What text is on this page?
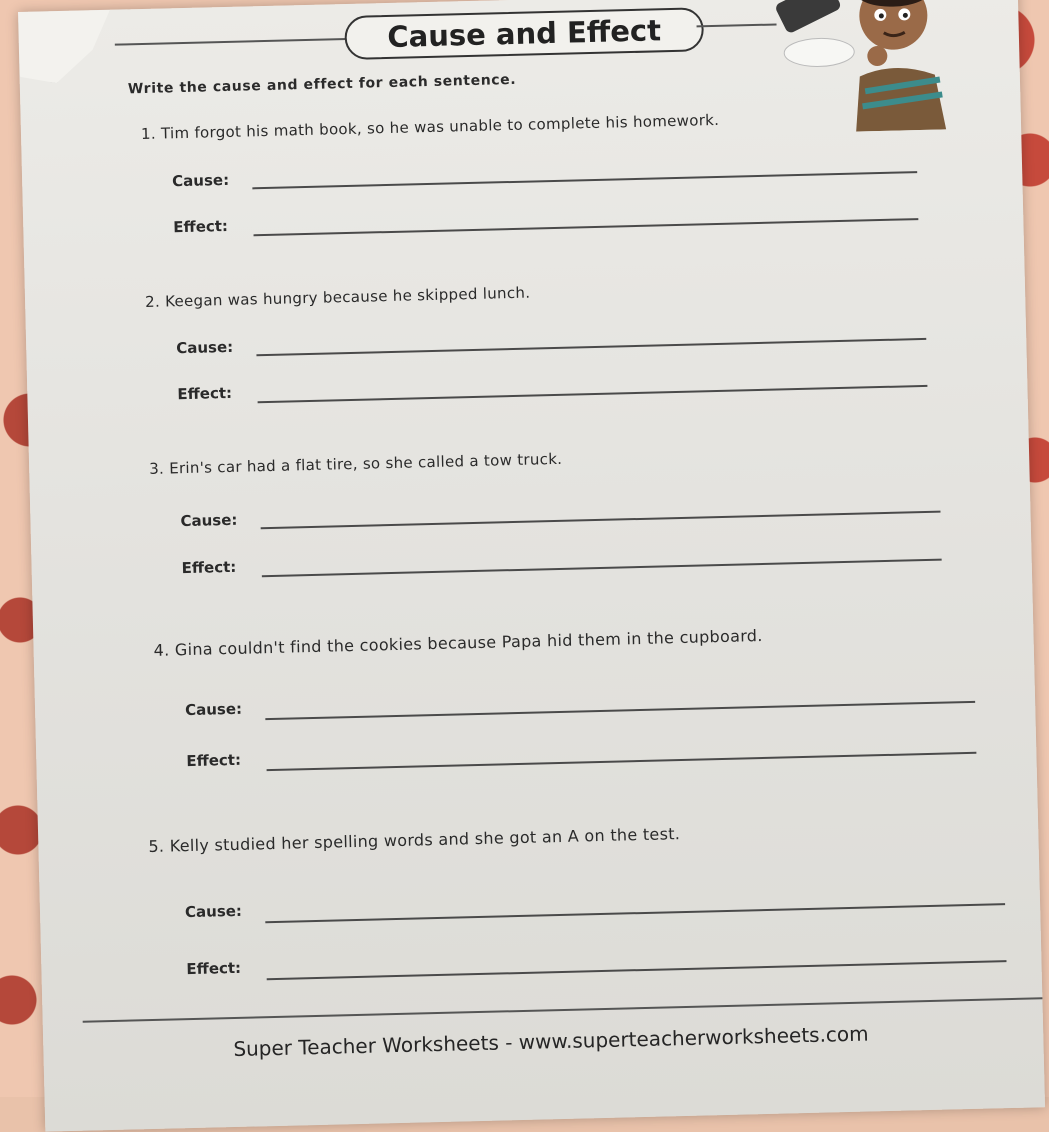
Cause and Effect
Write the cause and effect for each sentence.
1. Tim forgot his math book, so he was unable to complete his homework.
Cause:
Effect:
2. Keegan was hungry because he skipped lunch.
Cause:
Effect:
3. Erin's car had a flat tire, so she called a tow truck.
Cause:
Effect:
4. Gina couldn't find the cookies because Papa hid them in the cupboard.
Cause:
Effect:
5. Kelly studied her spelling words and she got an A on the test.
Cause:
Effect:
Super Teacher Worksheets - www.superteacherworksheets.com
